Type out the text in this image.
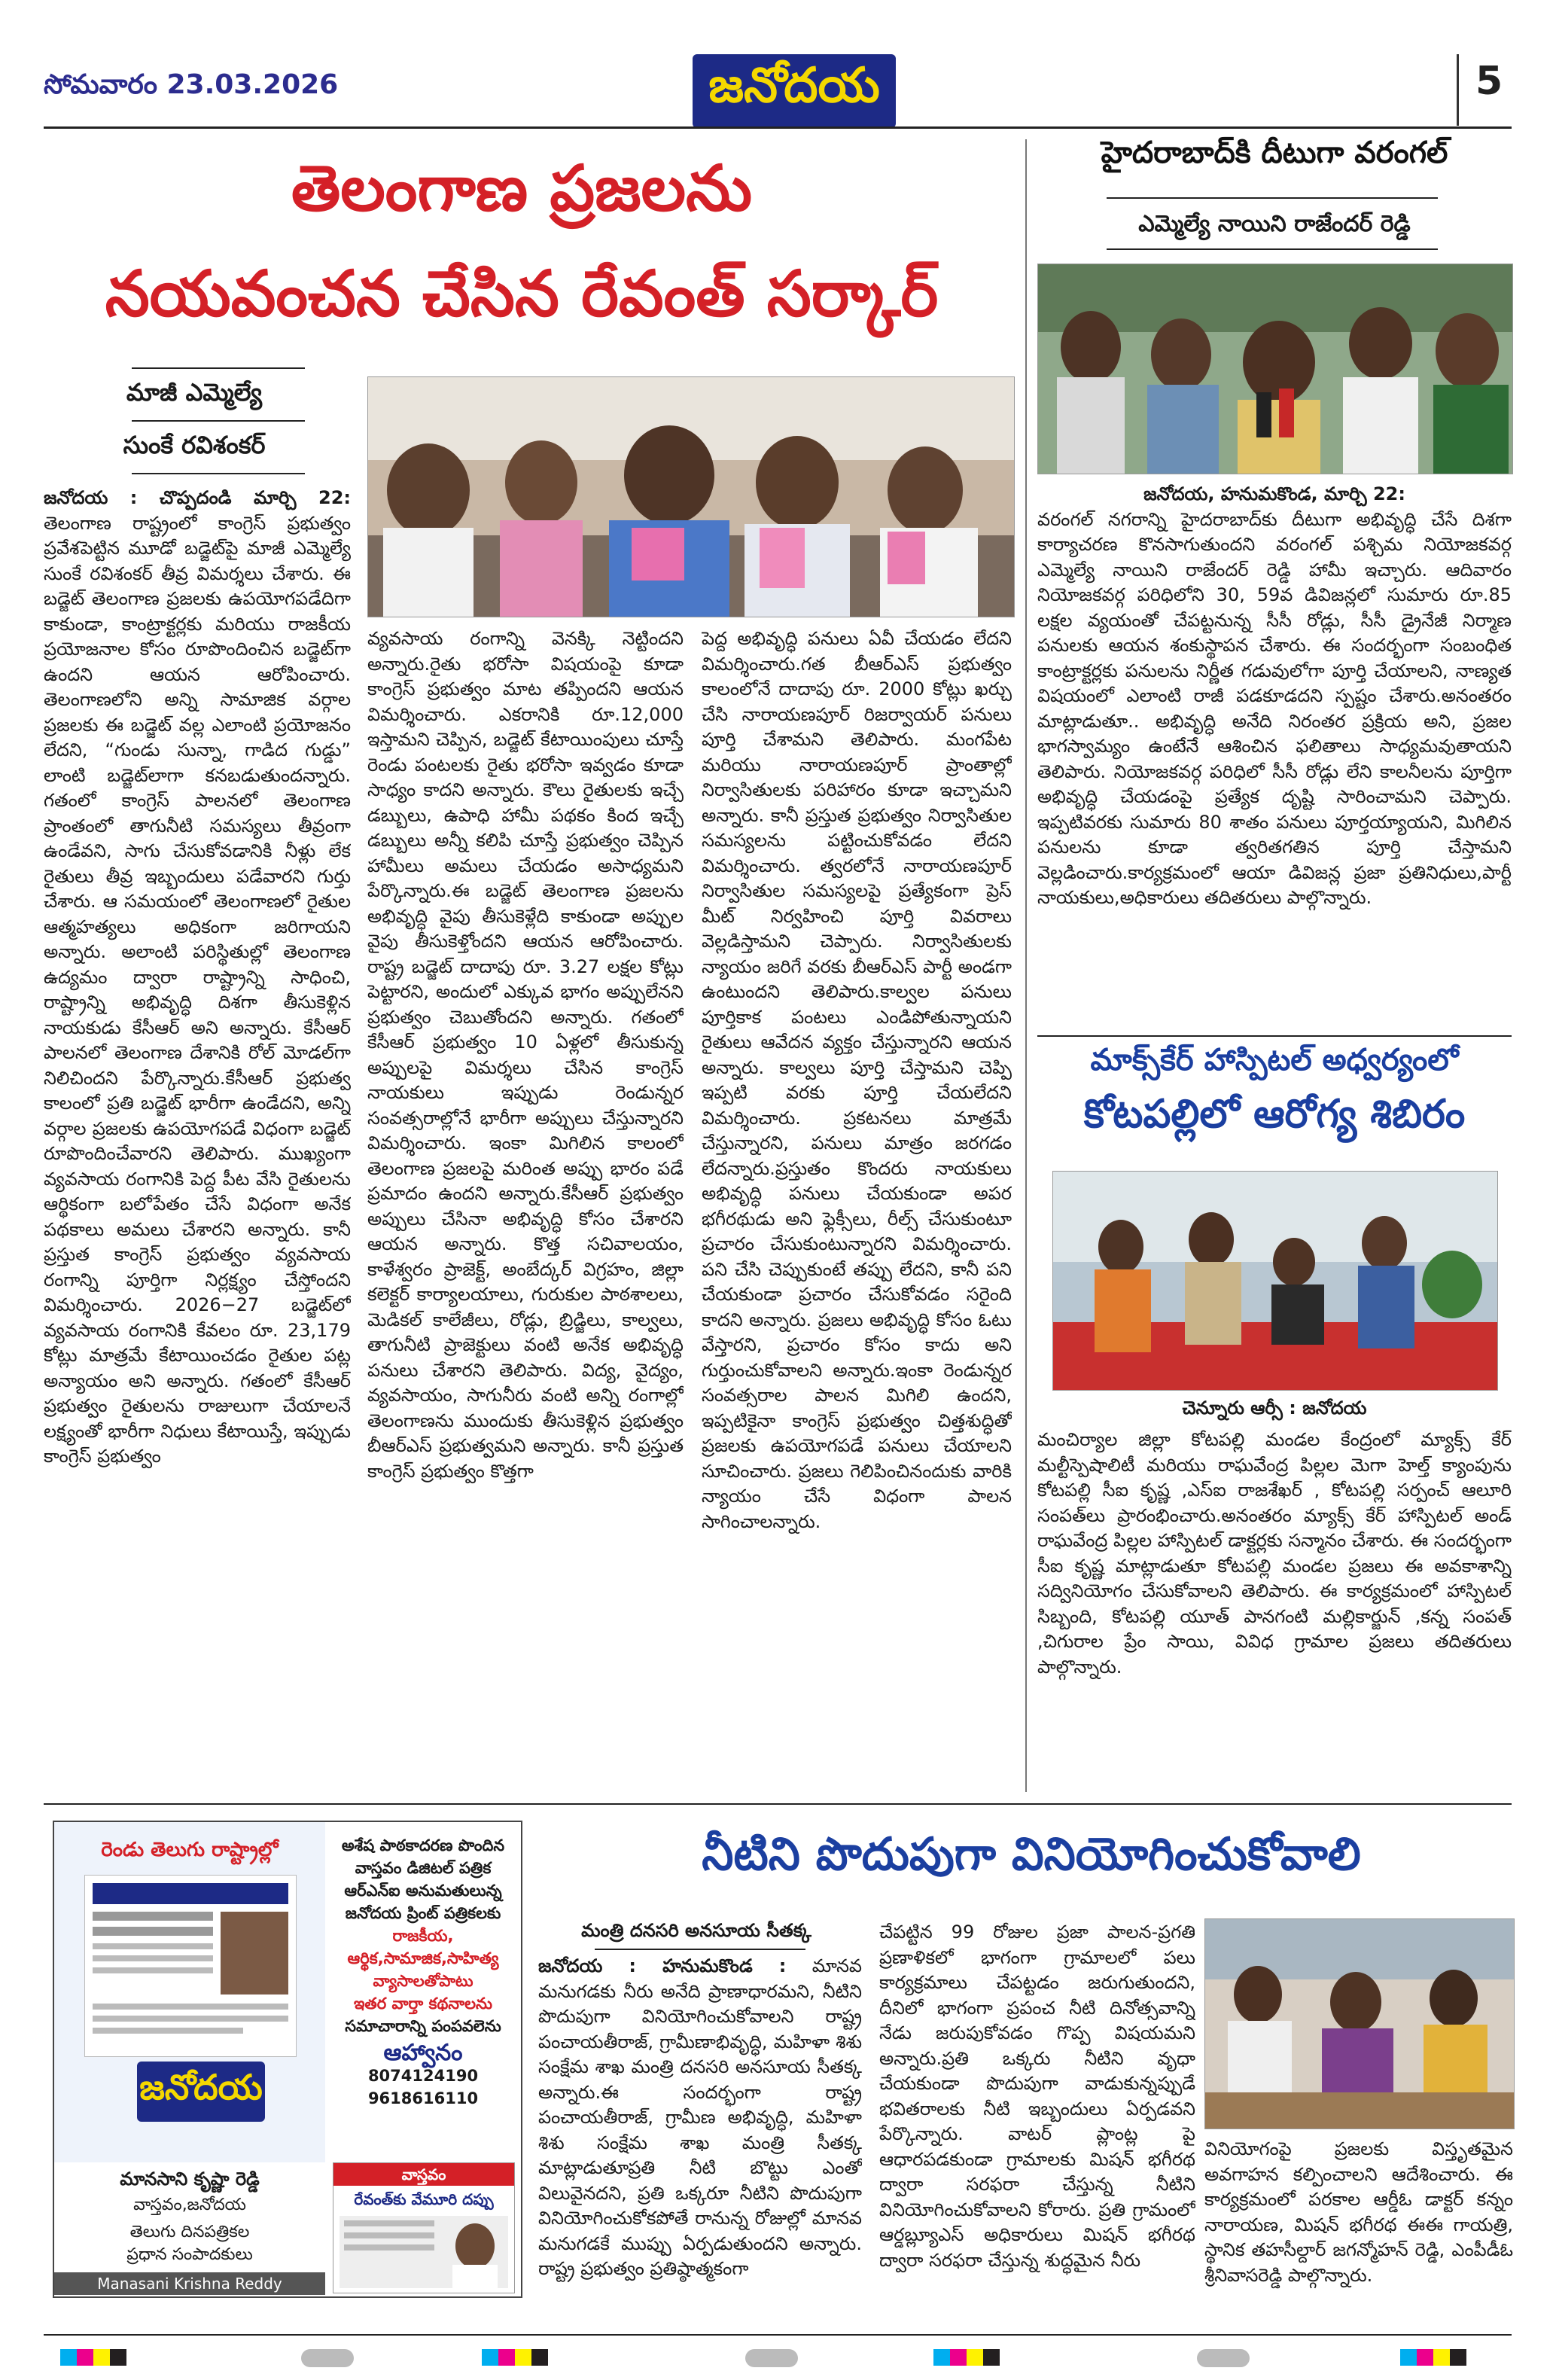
సోమవారం 23.03.2026	జనోదయ	5
తెలంగాణ ప్రజలను
నయవంచన చేసిన రేవంత్ సర్కార్
మాజీ ఎమ్మెల్యే
సుంకే రవిశంకర్
జనోదయ : చొప్పదండి మార్చి 22: తెలంగాణ రాష్ట్రంలో కాంగ్రెస్ ప్రభుత్వం ప్రవేశపెట్టిన మూడో బడ్జెట్‌పై మాజీ ఎమ్మెల్యే సుంకే రవిశంకర్ తీవ్ర విమర్శలు చేశారు. ఈ బడ్జెట్ తెలంగాణ ప్రజలకు ఉపయోగపడేదిగా కాకుండా, కాంట్రాక్టర్లకు మరియు రాజకీయ ప్రయోజనాల కోసం రూపొందించిన బడ్జెట్‌గా ఉందని ఆయన ఆరోపించారు. తెలంగాణలోని అన్ని సామాజిక వర్గాల ప్రజలకు ఈ బడ్జెట్ వల్ల ఎలాంటి ప్రయోజనం లేదని, “గుండు సున్నా, గాడిద గుడ్డు” లాంటి బడ్జెట్‌లాగా కనబడుతుందన్నారు. గతంలో కాంగ్రెస్ పాలనలో తెలంగాణ ప్రాంతంలో తాగునీటి సమస్యలు తీవ్రంగా ఉండేవని, సాగు చేసుకోవడానికి నీళ్లు లేక రైతులు తీవ్ర ఇబ్బందులు పడేవారని గుర్తు చేశారు. ఆ సమయంలో తెలంగాణలో రైతుల ఆత్మహత్యలు అధికంగా జరిగాయని అన్నారు. అలాంటి పరిస్థితుల్లో తెలంగాణ ఉద్యమం ద్వారా రాష్ట్రాన్ని సాధించి, రాష్ట్రాన్ని అభివృద్ధి దిశగా తీసుకెళ్లిన నాయకుడు కేసీఆర్ అని అన్నారు. కేసీఆర్ పాలనలో తెలంగాణ దేశానికి రోల్ మోడల్‌గా నిలిచిందని పేర్కొన్నారు.కేసీఆర్ ప్రభుత్వ కాలంలో ప్రతి బడ్జెట్ భారీగా ఉండేదని, అన్ని వర్గాల ప్రజలకు ఉపయోగపడే విధంగా బడ్జెట్ రూపొందించేవారని తెలిపారు. ముఖ్యంగా వ్యవసాయ రంగానికి పెద్ద పీట వేసి రైతులను ఆర్థికంగా బలోపేతం చేసే విధంగా అనేక పథకాలు అమలు చేశారని అన్నారు. కానీ ప్రస్తుత కాంగ్రెస్ ప్రభుత్వం వ్యవసాయ రంగాన్ని పూర్తిగా నిర్లక్ష్యం చేస్తోందని విమర్శించారు. 2026−27 బడ్జెట్‌లో వ్యవసాయ రంగానికి కేవలం రూ. 23,179 కోట్లు మాత్రమే కేటాయించడం రైతుల పట్ల అన్యాయం అని అన్నారు. గతంలో కేసీఆర్ ప్రభుత్వం రైతులను రాజులుగా చేయాలనే లక్ష్యంతో భారీగా నిధులు కేటాయిస్తే, ఇప్పుడు కాంగ్రెస్ ప్రభుత్వం
వ్యవసాయ రంగాన్ని వెనక్కి నెట్టిందని అన్నారు.రైతు భరోసా విషయంపై కూడా కాంగ్రెస్ ప్రభుత్వం మాట తప్పిందని ఆయన విమర్శించారు. ఎకరానికి రూ.12,000 ఇస్తామని చెప్పిన, బడ్జెట్ కేటాయింపులు చూస్తే రెండు పంటలకు రైతు భరోసా ఇవ్వడం కూడా సాధ్యం కాదని అన్నారు. కౌలు రైతులకు ఇచ్చే డబ్బులు, ఉపాధి హామీ పథకం కింద ఇచ్చే డబ్బులు అన్నీ కలిపి చూస్తే ప్రభుత్వం చెప్పిన హామీలు అమలు చేయడం అసాధ్యమని పేర్కొన్నారు.ఈ బడ్జెట్ తెలంగాణ ప్రజలను అభివృద్ధి వైపు తీసుకెళ్లేది కాకుండా అప్పుల వైపు తీసుకెళ్తోందని ఆయన ఆరోపించారు. రాష్ట్ర బడ్జెట్ దాదాపు రూ. 3.27 లక్షల కోట్లు పెట్టారని, అందులో ఎక్కువ భాగం అప్పులేనని ప్రభుత్వం చెబుతోందని అన్నారు. గతంలో కేసీఆర్ ప్రభుత్వం 10 ఏళ్లలో తీసుకున్న అప్పులపై విమర్శలు చేసిన కాంగ్రెస్ నాయకులు ఇప్పుడు రెండున్నర సంవత్సరాల్లోనే భారీగా అప్పులు చేస్తున్నారని విమర్శించారు. ఇంకా మిగిలిన కాలంలో తెలంగాణ ప్రజలపై మరింత అప్పు భారం పడే ప్రమాదం ఉందని అన్నారు.కేసీఆర్ ప్రభుత్వం అప్పులు చేసినా అభివృద్ధి కోసం చేశారని ఆయన అన్నారు. కొత్త సచివాలయం, కాళేశ్వరం ప్రాజెక్ట్, అంబేద్కర్ విగ్రహం, జిల్లా కలెక్టర్ కార్యాలయాలు, గురుకుల పాఠశాలలు, మెడికల్ కాలేజీలు, రోడ్లు, బ్రిడ్జిలు, కాల్వలు, తాగునీటి ప్రాజెక్టులు వంటి అనేక అభివృద్ధి పనులు చేశారని తెలిపారు. విద్య, వైద్యం, వ్యవసాయం, సాగునీరు వంటి అన్ని రంగాల్లో తెలంగాణను ముందుకు తీసుకెళ్లిన ప్రభుత్వం బీఆర్ఎస్ ప్రభుత్వమని అన్నారు. కానీ ప్రస్తుత కాంగ్రెస్ ప్రభుత్వం కొత్తగా
పెద్ద అభివృద్ధి పనులు ఏవీ చేయడం లేదని విమర్శించారు.గత బీఆర్ఎస్ ప్రభుత్వం కాలంలోనే దాదాపు రూ. 2000 కోట్లు ఖర్చు చేసి నారాయణపూర్ రిజర్వాయర్ పనులు పూర్తి చేశామని తెలిపారు. మంగపేట మరియు నారాయణపూర్ ప్రాంతాల్లో నిర్వాసితులకు పరిహారం కూడా ఇచ్చామని అన్నారు. కానీ ప్రస్తుత ప్రభుత్వం నిర్వాసితుల సమస్యలను పట్టించుకోవడం లేదని విమర్శించారు. త్వరలోనే నారాయణపూర్ నిర్వాసితుల సమస్యలపై ప్రత్యేకంగా ప్రెస్ మీట్ నిర్వహించి పూర్తి వివరాలు వెల్లడిస్తామని చెప్పారు. నిర్వాసితులకు న్యాయం జరిగే వరకు బీఆర్ఎస్ పార్టీ అండగా ఉంటుందని తెలిపారు.కాల్వల పనులు పూర్తికాక పంటలు ఎండిపోతున్నాయని రైతులు ఆవేదన వ్యక్తం చేస్తున్నారని ఆయన అన్నారు. కాల్వలు పూర్తి చేస్తామని చెప్పి ఇప్పటి వరకు పూర్తి చేయలేదని విమర్శించారు. ప్రకటనలు మాత్రమే చేస్తున్నారని, పనులు మాత్రం జరగడం లేదన్నారు.ప్రస్తుతం కొందరు నాయకులు అభివృద్ధి పనులు చేయకుండా అపర భగీరథుడు అని ఫ్లెక్సీలు, రీల్స్ చేసుకుంటూ ప్రచారం చేసుకుంటున్నారని విమర్శించారు. పని చేసి చెప్పుకుంటే తప్పు లేదని, కానీ పని చేయకుండా ప్రచారం చేసుకోవడం సరైంది కాదని అన్నారు. ప్రజలు అభివృద్ధి కోసం ఓటు వేస్తారని, ప్రచారం కోసం కాదు అని గుర్తుంచుకోవాలని అన్నారు.ఇంకా రెండున్నర సంవత్సరాల పాలన మిగిలి ఉందని, ఇప్పటికైనా కాంగ్రెస్ ప్రభుత్వం చిత్తశుద్ధితో ప్రజలకు ఉపయోగపడే పనులు చేయాలని సూచించారు. ప్రజలు గెలిపించినందుకు వారికి న్యాయం చేసే విధంగా పాలన సాగించాలన్నారు.
హైదరాబాద్‌కి దీటుగా వరంగల్
ఎమ్మెల్యే నాయిని రాజేందర్ రెడ్డి
జనోదయ, హనుమకొండ, మార్చి 22:
వరంగల్ నగరాన్ని హైదరాబాద్‌కు దీటుగా అభివృద్ధి చేసే దిశగా కార్యాచరణ కొనసాగుతుందని వరంగల్ పశ్చిమ నియోజకవర్గ ఎమ్మెల్యే నాయిని రాజేందర్ రెడ్డి హామీ ఇచ్చారు. ఆదివారం నియోజకవర్గ పరిధిలోని 30, 59వ డివిజన్లలో సుమారు రూ.85 లక్షల వ్యయంతో చేపట్టనున్న సీసీ రోడ్లు, సీసీ డ్రైనేజీ నిర్మాణ పనులకు ఆయన శంకుస్థాపన చేశారు. ఈ సందర్భంగా సంబంధిత కాంట్రాక్టర్లకు పనులను నిర్ణీత గడువులోగా పూర్తి చేయాలని, నాణ్యత విషయంలో ఎలాంటి రాజీ పడకూడదని స్పష్టం చేశారు.అనంతరం మాట్లాడుతూ.. అభివృద్ధి అనేది నిరంతర ప్రక్రియ అని, ప్రజల భాగస్వామ్యం ఉంటేనే ఆశించిన ఫలితాలు సాధ్యమవుతాయని తెలిపారు. నియోజకవర్గ పరిధిలో సీసీ రోడ్లు లేని కాలనీలను పూర్తిగా అభివృద్ధి చేయడంపై ప్రత్యేక దృష్టి సారించామని చెప్పారు. ఇప్పటివరకు సుమారు 80 శాతం పనులు పూర్తయ్యాయని, మిగిలిన పనులను కూడా త్వరితగతిన పూర్తి చేస్తామని వెల్లడించారు.కార్యక్రమంలో ఆయా డివిజన్ల ప్రజా ప్రతినిధులు,పార్టీ నాయకులు,అధికారులు తదితరులు పాల్గొన్నారు.
మాక్స్‌కేర్ హాస్పిటల్ అధ్వర్యంలో
కోటపల్లిలో ఆరోగ్య శిబిరం
చెన్నూరు ఆర్సీ : జనోదయ
మంచిర్యాల జిల్లా కోటపల్లి మండల కేంద్రంలో మ్యాక్స్ కేర్ మల్టీస్పెషాలిటీ మరియు రాఘవేంద్ర పిల్లల మెగా హెల్త్ క్యాంపును కోటపల్లి సీఐ కృష్ణ ,ఎస్ఐ రాజశేఖర్ , కోటపల్లి సర్పంచ్ ఆలూరి సంపత్‌లు ప్రారంభించారు.అనంతరం మ్యాక్స్ కేర్ హాస్పిటల్ అండ్ రాఘవేంద్ర పిల్లల హాస్పిటల్ డాక్టర్లకు సన్మానం చేశారు. ఈ సందర్భంగా సీఐ కృష్ణ మాట్లాడుతూ కోటపల్లి మండల ప్రజలు ఈ అవకాశాన్ని సద్వినియోగం చేసుకోవాలని తెలిపారు. ఈ కార్యక్రమంలో హాస్పిటల్ సిబ్బంది, కోటపల్లి యూత్ పానగంటి మల్లికార్జున్ ,కన్న సంపత్ ,చిగురాల ప్రేం సాయి, వివిధ గ్రామాల ప్రజలు తదితరులు పాల్గొన్నారు.
రెండు తెలుగు రాష్ట్రాల్లో
జనోదయ
అశేష పాఠకాదరణ పొందిన
వాస్తవం డిజిటల్ పత్రిక
ఆర్ఎన్ఐ అనుమతులున్న
జనోదయ ప్రింట్ పత్రికలకు
రాజకీయ,
ఆర్థిక,సామాజిక,సాహిత్య
వ్యాసాలతోపాటు
ఇతర వార్తా కథనాలను
సమాచారాన్ని పంపవలెను
ఆహ్వానం
8074124190
9618616110
మానసాని కృష్ణా రెడ్డి
వాస్తవం,జనోదయ
తెలుగు దినపత్రికల
ప్రధాన సంపాదకులు
Manasani Krishna Reddy
వాస్తవం
రేవంత్‌కు వేమూరి దప్పు
నీటిని పొదుపుగా వినియోగించుకోవాలి
మంత్రి దనసరి అనసూయ సీతక్క
జనోదయ : హనుమకొండ : మానవ మనుగడకు నీరు అనేది ప్రాణాధారమని, నీటిని పొదుపుగా వినియోగించుకోవాలని రాష్ట్ర పంచాయతీరాజ్, గ్రామీణాభివృద్ధి, మహిళా శిశు సంక్షేమ శాఖ మంత్రి దనసరి అనసూయ సీతక్క అన్నారు.ఈ సందర్భంగా రాష్ట్ర పంచాయతీరాజ్, గ్రామీణ అభివృద్ధి, మహిళా శిశు సంక్షేమ శాఖ మంత్రి సీతక్క మాట్లాడుతూప్రతి నీటి బొట్టు ఎంతో విలువైనదని, ప్రతి ఒక్కరూ నీటిని పొదుపుగా వినియోగించుకోకపోతే రానున్న రోజుల్లో మానవ మనుగడకే ముప్పు ఏర్పడుతుందని అన్నారు. రాష్ట్ర ప్రభుత్వం ప్రతిష్ఠాత్మకంగా
చేపట్టిన 99 రోజుల ప్రజా పాలన-ప్రగతి ప్రణాళికలో భాగంగా గ్రామాలలో పలు కార్యక్రమాలు చేపట్టడం జరుగుతుందని, దీనిలో భాగంగా ప్రపంచ నీటి దినోత్సవాన్ని నేడు జరుపుకోవడం గొప్ప విషయమని అన్నారు.ప్రతి ఒక్కరు నీటిని వృధా చేయకుండా పొదుపుగా వాడుకున్నప్పుడే భవితరాలకు నీటి ఇబ్బందులు ఏర్పడవని పేర్కొన్నారు. వాటర్ ప్లాంట్ల పై ఆధారపడకుండా గ్రామాలకు మిషన్ భగీరథ ద్వారా సరఫరా చేస్తున్న నీటిని వినియోగించుకోవాలని కోరారు. ప్రతి గ్రామంలో ఆర్డబ్ల్యూఎస్ అధికారులు మిషన్ భగీరథ ద్వారా సరఫరా చేస్తున్న శుద్ధమైన నీరు
వినియోగంపై ప్రజలకు విస్తృతమైన అవగాహన కల్పించాలని ఆదేశించారు. ఈ కార్యక్రమంలో పరకాల ఆర్డీఓ డాక్టర్ కన్నం నారాయణ, మిషన్ భగీరథ ఈఈ గాయత్రి, స్థానిక తహసీల్దార్ జగన్మోహన్ రెడ్డి, ఎంపీడీఓ శ్రీనివాసరెడ్డి పాల్గొన్నారు.
